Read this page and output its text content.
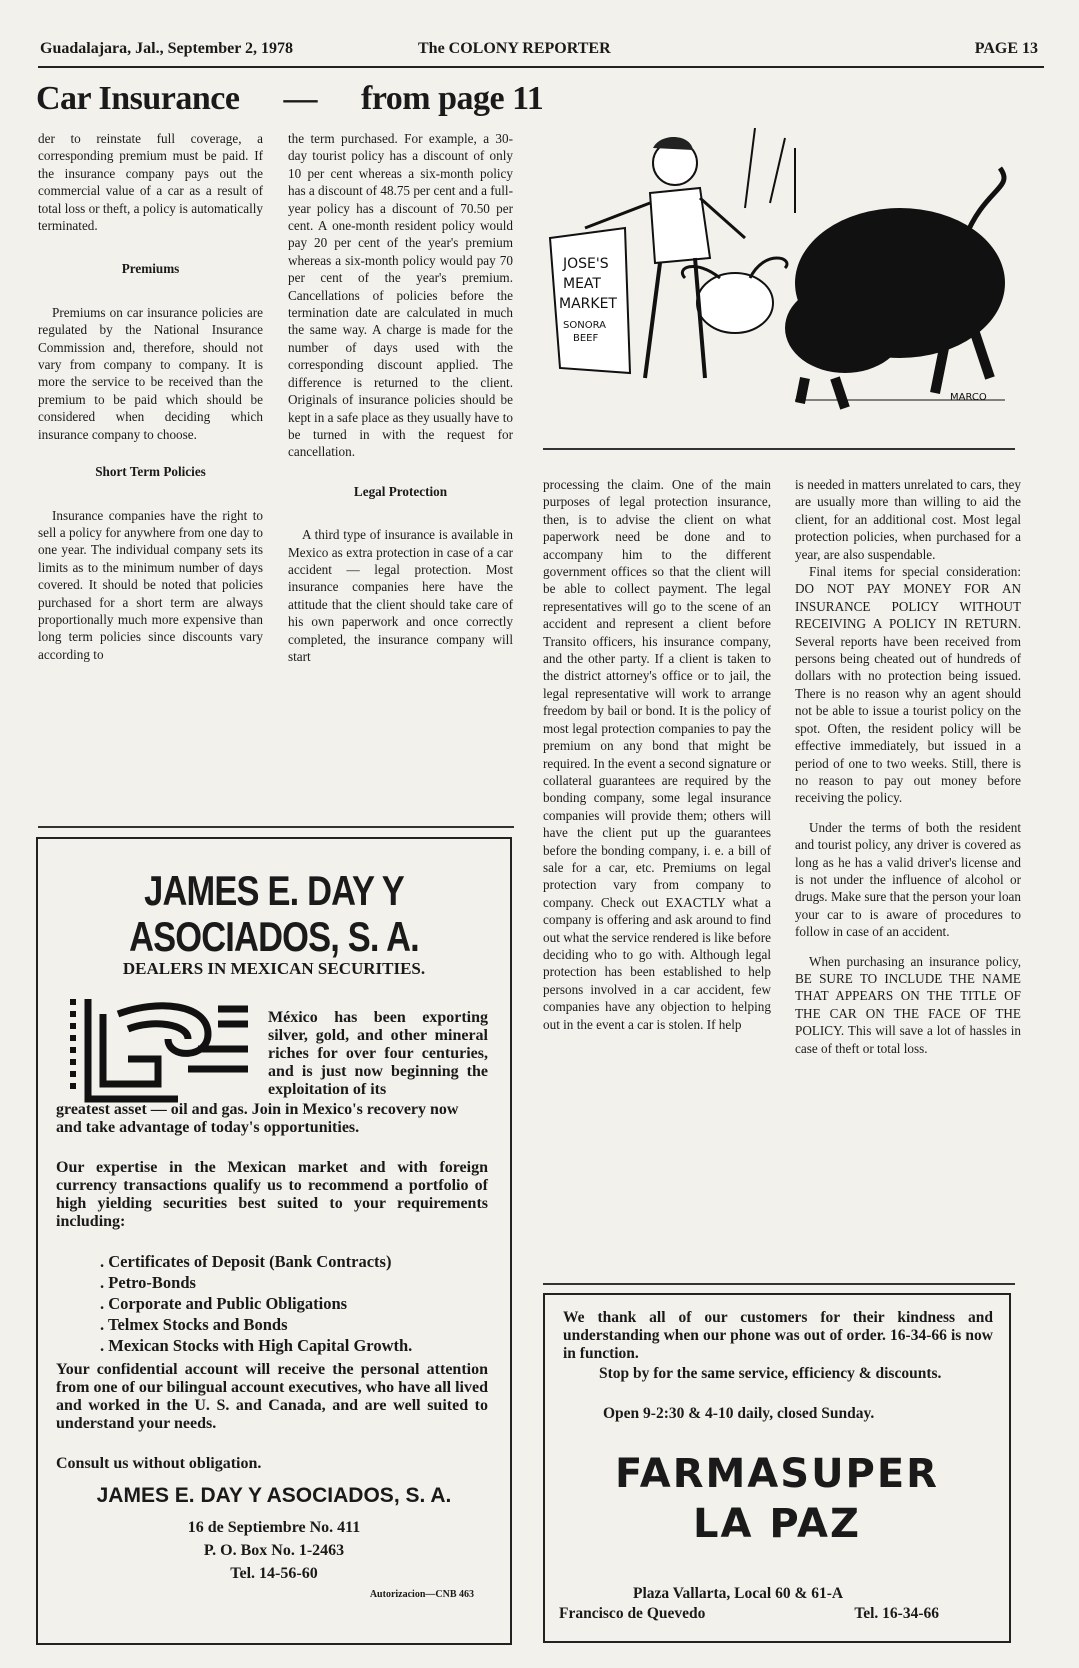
Guadalajara, Jal., September 2, 1978	The COLONY REPORTER	PAGE 13
Car Insurance — from page 11

der to reinstate full coverage, a corresponding premium must be paid. If the insurance company pays out the commercial value of a car as a result of total loss or theft, a policy is automatically terminated.

Premiums

Premiums on car insurance policies are regulated by the National Insurance Commission and, therefore, should not vary from company to company. It is more the service to be received than the premium to be paid which should be considered when deciding which insurance company to choose.

Short Term Policies

Insurance companies have the right to sell a policy for anywhere from one day to one year. The individual company sets its limits as to the minimum number of days covered. It should be noted that policies purchased for a short term are always proportionally much more expensive than long term policies since discounts vary according to

the term purchased. For example, a 30-day tourist policy has a discount of only 10 per cent whereas a six-month policy has a discount of 48.75 per cent and a full-year policy has a discount of 70.50 per cent. A one-month resident policy would pay 20 per cent of the year's premium whereas a six-month policy would pay 70 per cent of the year's premium. Cancellations of policies before the termination date are calculated in much the same way. A charge is made for the number of days used with the corresponding discount applied. The difference is returned to the client. Originals of insurance policies should be kept in a safe place as they usually have to be turned in with the request for cancellation.

Legal Protection

A third type of insurance is available in Mexico as extra protection in case of a car accident — legal protection. Most insurance companies here have the attitude that the client should take care of his own paperwork and once correctly completed, the insurance company will start

JOSE'S
MEAT
MARKET
SONORA
BEEF
MARCO

processing the claim. One of the main purposes of legal protection insurance, then, is to advise the client on what paperwork need be done and to accompany him to the different government offices so that the client will be able to collect payment. The legal representatives will go to the scene of an accident and represent a client before Transito officers, his insurance company, and the other party. If a client is taken to the district attorney's office or to jail, the legal representative will work to arrange freedom by bail or bond. It is the policy of most legal protection companies to pay the premium on any bond that might be required. In the event a second signature or collateral guarantees are required by the bonding company, some legal insurance companies will provide them; others will have the client put up the guarantees before the bonding company, i. e. a bill of sale for a car, etc. Premiums on legal protection vary from company to company. Check out EXACTLY what a company is offering and ask around to find out what the service rendered is like before deciding who to go with. Although legal protection has been established to help persons involved in a car accident, few companies have any objection to helping out in the event a car is stolen. If help

is needed in matters unrelated to cars, they are usually more than willing to aid the client, for an additional cost. Most legal protection policies, when purchased for a year, are also suspendable.

Final items for special consideration: DO NOT PAY MONEY FOR AN INSURANCE POLICY WITHOUT RECEIVING A POLICY IN RETURN. Several reports have been received from persons being cheated out of hundreds of dollars with no protection being issued. There is no reason why an agent should not be able to issue a tourist policy on the spot. Often, the resident policy will be effective immediately, but issued in a period of one to two weeks. Still, there is no reason to pay out money before receiving the policy.

Under the terms of both the resident and tourist policy, any driver is covered as long as he has a valid driver's license and is not under the influence of alcohol or drugs. Make sure that the person your loan your car to is aware of procedures to follow in case of an accident.

When purchasing an insurance policy, BE SURE TO INCLUDE THE NAME THAT APPEARS ON THE TITLE OF THE CAR ON THE FACE OF THE POLICY. This will save a lot of hassles in case of theft or total loss.

JAMES E. DAY Y
ASOCIADOS, S. A.
DEALERS IN MEXICAN SECURITIES.
México has been exporting silver, gold, and other mineral riches for over four centuries, and is just now beginning the exploitation of its
greatest asset — oil and gas. Join in Mexico's recovery now and take advantage of today's opportunities.
Our expertise in the Mexican market and with foreign currency transactions qualify us to recommend a portfolio of high yielding securities best suited to your requirements including:
. Certificates of Deposit (Bank Contracts)
. Petro-Bonds
. Corporate and Public Obligations
. Telmex Stocks and Bonds
. Mexican Stocks with High Capital Growth.
Your confidential account will receive the personal attention from one of our bilingual account executives, who have all lived and worked in the U. S. and Canada, and are well suited to understand your needs.
Consult us without obligation.
JAMES E. DAY Y ASOCIADOS, S. A.
16 de Septiembre No. 411
P. O. Box No. 1-2463
Tel. 14-56-60
Autorizacion—CNB 463
We thank all of our customers for their kindness and understanding when our phone was out of order. 16-34-66 is now in function.
Stop by for the same service, efficiency & discounts.
Open 9-2:30 & 4-10 daily, closed Sunday.
FARMASUPER
LA PAZ
Plaza Vallarta, Local 60 & 61-A
Francisco de Quevedo	Tel. 16-34-66
